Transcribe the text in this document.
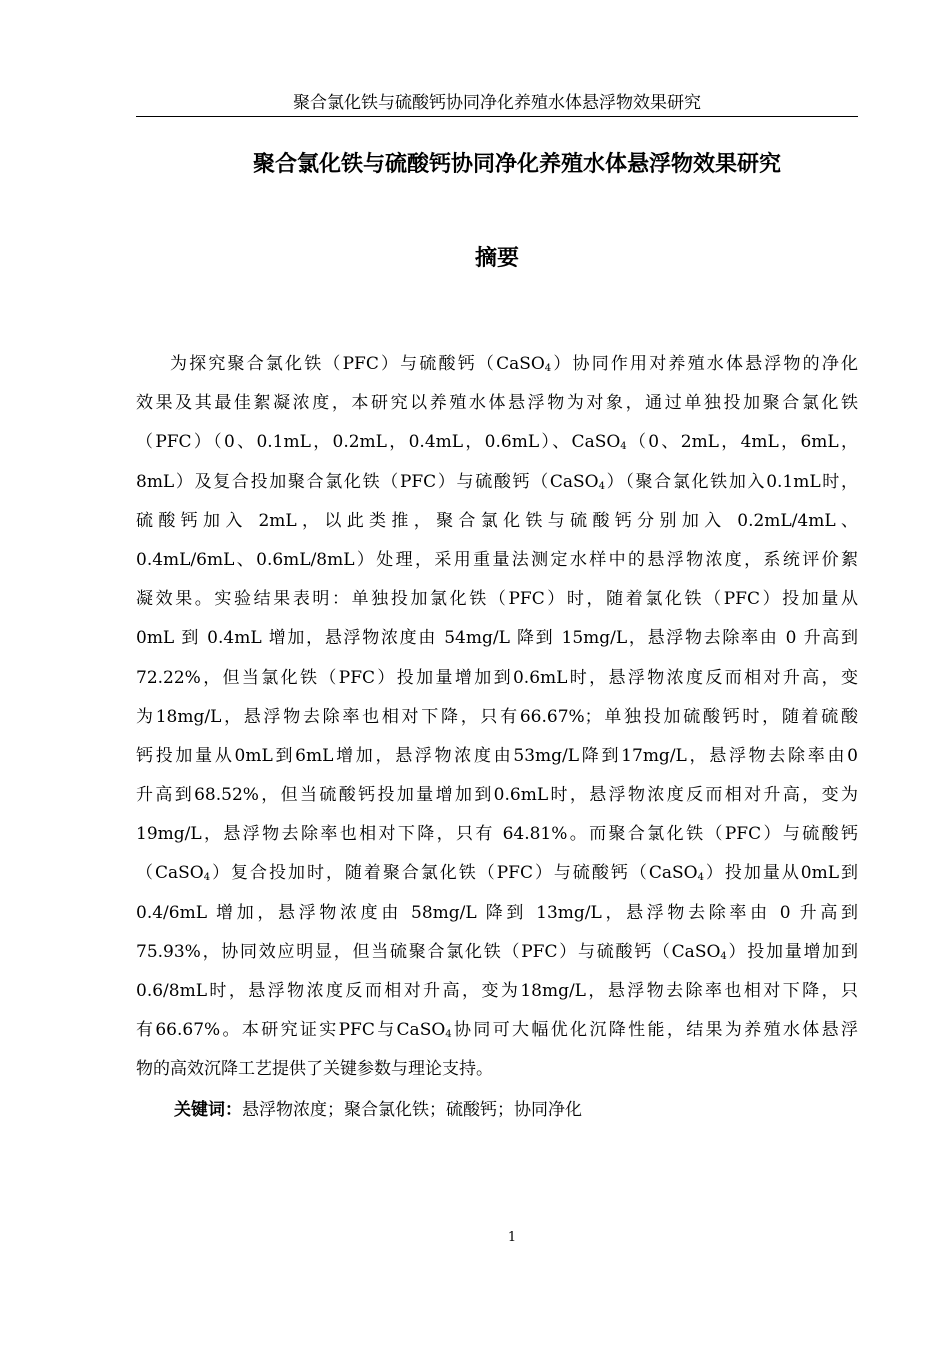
聚合氯化铁与硫酸钙协同净化养殖水体悬浮物效果研究
聚合氯化铁与硫酸钙协同净化养殖水体悬浮物效果研究
摘要
为探究聚合氯化铁（PFC）与硫酸钙（CaSO$_4$）协同作用对养殖水体悬浮物的净化
效果及其最佳絮凝浓度，本研究以养殖水体悬浮物为对象，通过单独投加聚合氯化铁
（PFC）（0、0.1mL，0.2mL，0.4mL，0.6mL）、CaSO$_4$（0、2mL，4mL，6mL，
8mL）及复合投加聚合氯化铁（PFC）与硫酸钙（CaSO$_4$）（聚合氯化铁加入0.1mL时，
硫酸钙加入 2mL，以此类推，聚合氯化铁与硫酸钙分别加入 0.2mL/4mL、
0.4mL/6mL、0.6mL/8mL）处理，采用重量法测定水样中的悬浮物浓度，系统评价絮
凝效果。实验结果表明：单独投加氯化铁（PFC）时，随着氯化铁（PFC）投加量从
0mL 到 0.4mL 增加，悬浮物浓度由 54mg/L 降到 15mg/L，悬浮物去除率由 0 升高到
72.22%，但当氯化铁（PFC）投加量增加到0.6mL时，悬浮物浓度反而相对升高，变
为18mg/L，悬浮物去除率也相对下降，只有66.67%；单独投加硫酸钙时，随着硫酸
钙投加量从0mL到6mL增加，悬浮物浓度由53mg/L降到17mg/L，悬浮物去除率由0
升高到68.52%，但当硫酸钙投加量增加到0.6mL时，悬浮物浓度反而相对升高，变为
19mg/L，悬浮物去除率也相对下降，只有 64.81%。而聚合氯化铁（PFC）与硫酸钙
（CaSO$_4$）复合投加时，随着聚合氯化铁（PFC）与硫酸钙（CaSO$_4$）投加量从0mL到
0.4/6mL 增加，悬浮物浓度由 58mg/L 降到 13mg/L，悬浮物去除率由 0 升高到
75.93%，协同效应明显，但当硫聚合氯化铁（PFC）与硫酸钙（CaSO$_4$）投加量增加到
0.6/8mL时，悬浮物浓度反而相对升高，变为18mg/L，悬浮物去除率也相对下降，只
有66.67%。本研究证实PFC与CaSO$_4$协同可大幅优化沉降性能，结果为养殖水体悬浮
物的高效沉降工艺提供了关键参数与理论支持。

关键词：悬浮物浓度；聚合氯化铁；硫酸钙；协同净化

1
